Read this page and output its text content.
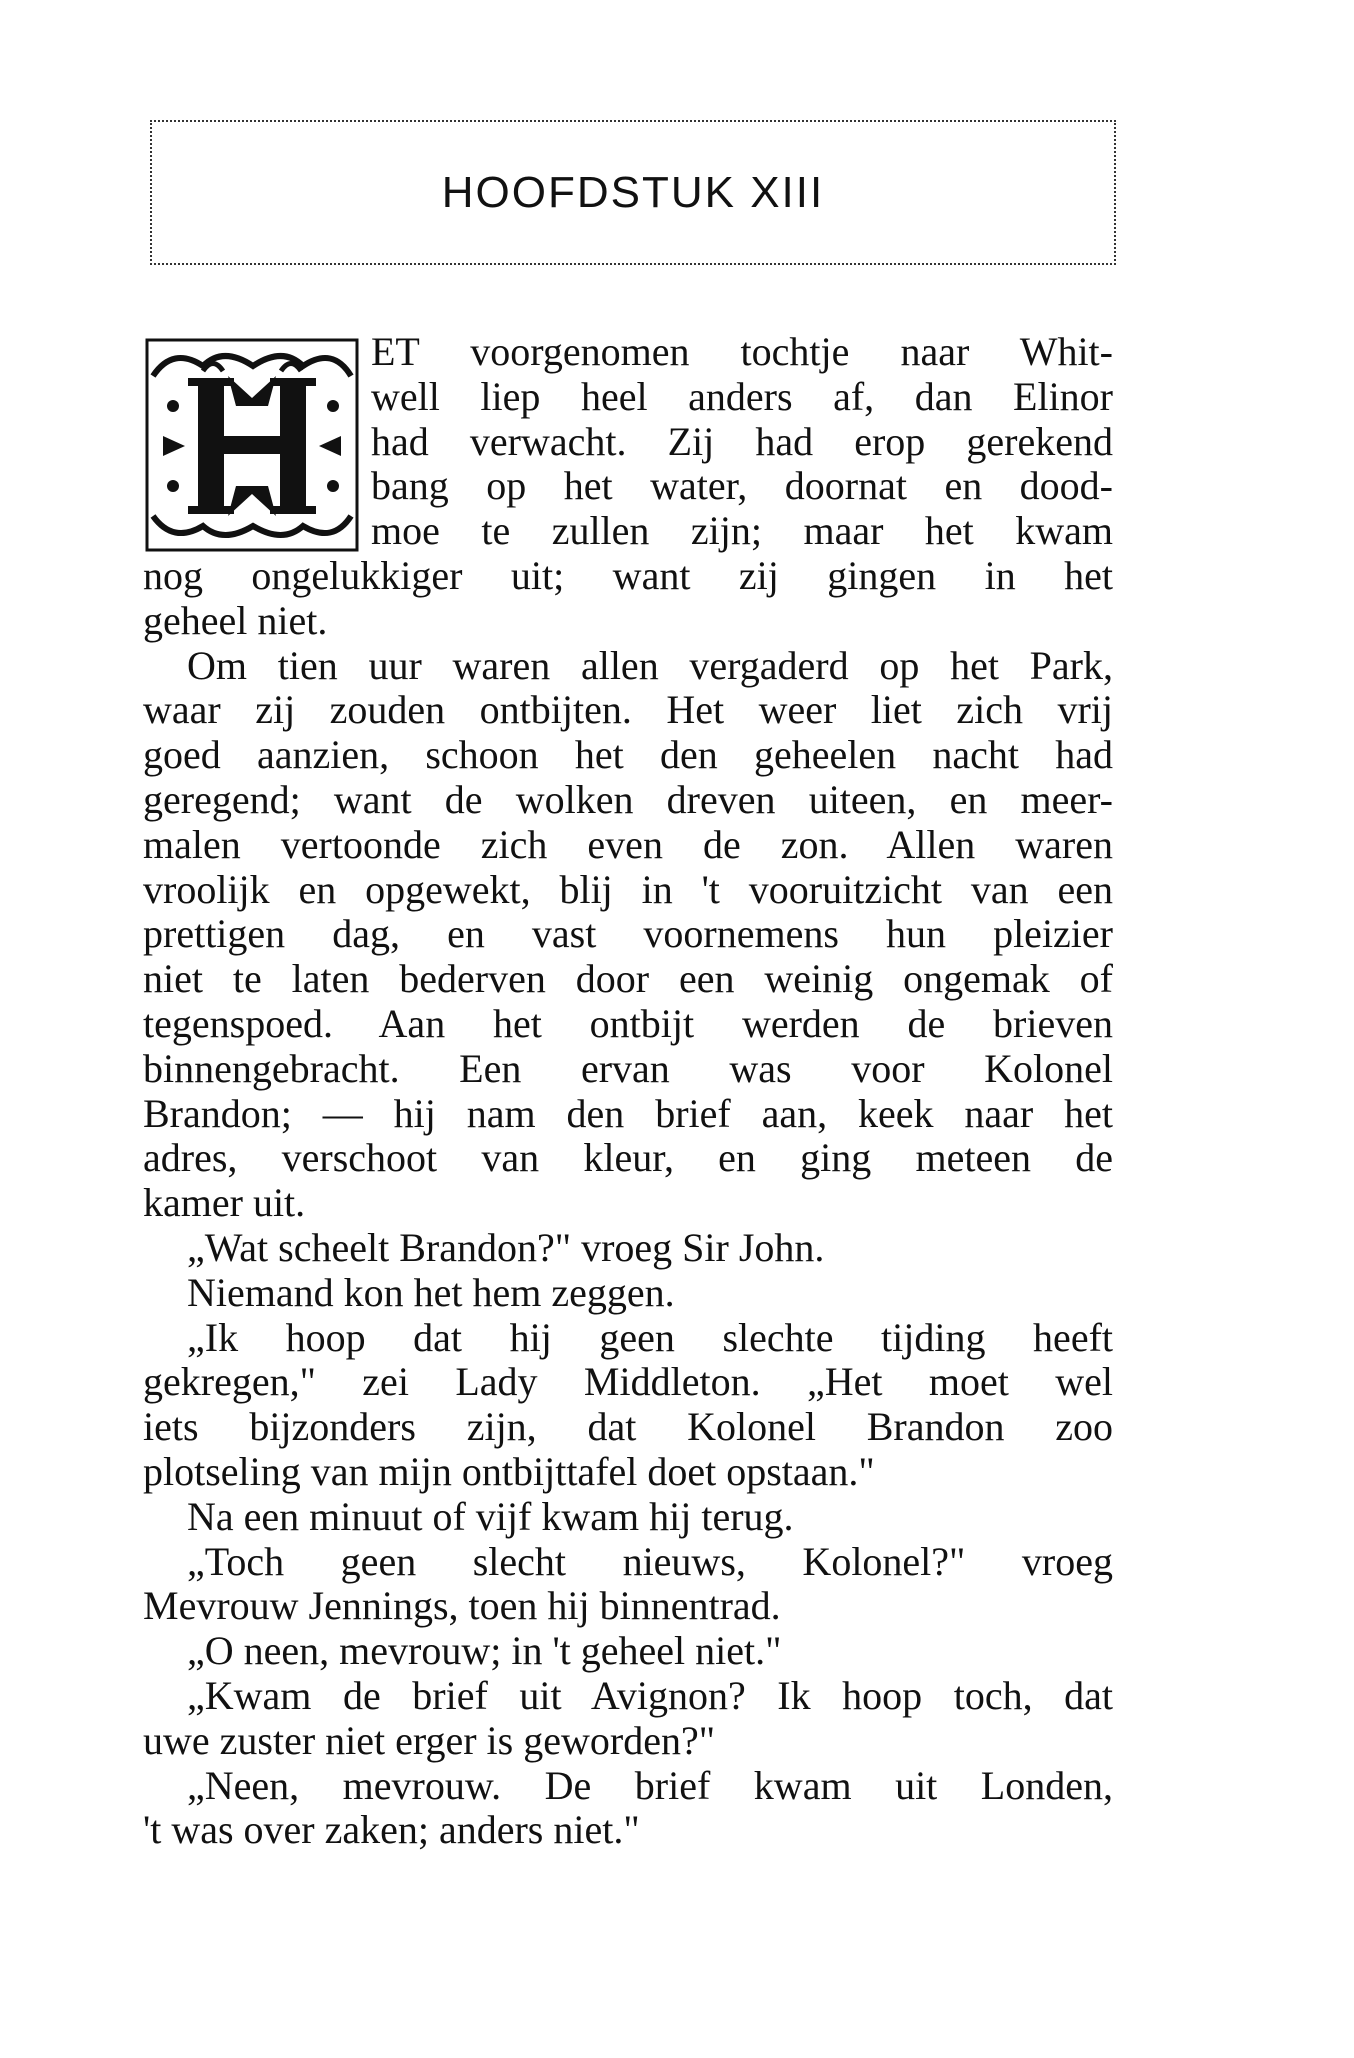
HOOFDSTUK XIII
ET voorgenomen tochtje naar Whit-
well liep heel anders af, dan Elinor
had verwacht. Zij had erop gerekend
bang op het water, doornat en dood-
moe te zullen zijn; maar het kwam
nog ongelukkiger uit; want zij gingen in het
geheel niet.
Om tien uur waren allen vergaderd op het Park,
waar zij zouden ontbijten. Het weer liet zich vrij
goed aanzien, schoon het den geheelen nacht had
geregend; want de wolken dreven uiteen, en meer-
malen vertoonde zich even de zon. Allen waren
vroolijk en opgewekt, blij in 't vooruitzicht van een
prettigen dag, en vast voornemens hun pleizier
niet te laten bederven door een weinig ongemak of
tegenspoed. Aan het ontbijt werden de brieven
binnengebracht. Een ervan was voor Kolonel
Brandon; — hij nam den brief aan, keek naar het
adres, verschoot van kleur, en ging meteen de
kamer uit.
„Wat scheelt Brandon?" vroeg Sir John.
Niemand kon het hem zeggen.
„Ik hoop dat hij geen slechte tijding heeft
gekregen," zei Lady Middleton. „Het moet wel
iets bijzonders zijn, dat Kolonel Brandon zoo
plotseling van mijn ontbijttafel doet opstaan."
Na een minuut of vijf kwam hij terug.
„Toch geen slecht nieuws, Kolonel?" vroeg
Mevrouw Jennings, toen hij binnentrad.
„O neen, mevrouw; in 't geheel niet."
„Kwam de brief uit Avignon? Ik hoop toch, dat
uwe zuster niet erger is geworden?"
„Neen, mevrouw. De brief kwam uit Londen,
't was over zaken; anders niet."
